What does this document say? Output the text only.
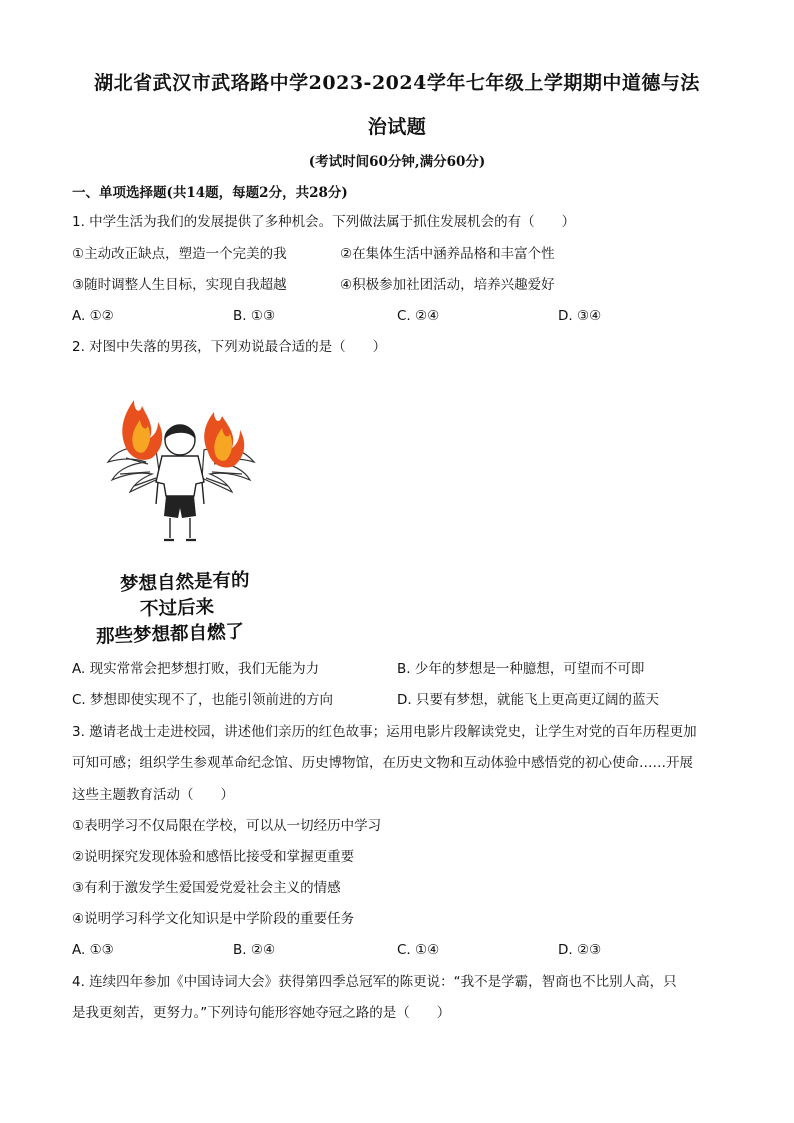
湖北省武汉市武珞路中学2023-2024学年七年级上学期期中道德与法
治试题
(考试时间60分钟,满分60分)
一、单项选择题(共14题，每题2分，共28分)
1. 中学生活为我们的发展提供了多种机会。下列做法属于抓住发展机会的有（　　）
①主动改正缺点，塑造一个完美的我	②在集体生活中涵养品格和丰富个性
③随时调整人生目标，实现自我超越	④积极参加社团活动，培养兴趣爱好
A. ①②	B. ①③	C. ②④	D. ③④
2. 对图中失落的男孩，下列劝说最合适的是（　　）
梦想自然是有的
不过后来
那些梦想都自燃了
A. 现实常常会把梦想打败，我们无能为力	B. 少年的梦想是一种臆想，可望而不可即
C. 梦想即使实现不了，也能引领前进的方向	D. 只要有梦想，就能飞上更高更辽阔的蓝天
3. 邀请老战士走进校园，讲述他们亲历的红色故事；运用电影片段解读党史，让学生对党的百年历程更加
可知可感；组织学生参观革命纪念馆、历史博物馆，在历史文物和互动体验中感悟党的初心使命……开展
这些主题教育活动（　　）
①表明学习不仅局限在学校，可以从一切经历中学习
②说明探究发现体验和感悟比接受和掌握更重要
③有利于激发学生爱国爱党爱社会主义的情感
④说明学习科学文化知识是中学阶段的重要任务
A. ①③	B. ②④	C. ①④	D. ②③
4. 连续四年参加《中国诗词大会》获得第四季总冠军的陈更说：“我不是学霸，智商也不比别人高，只
是我更刻苦，更努力。”下列诗句能形容她夺冠之路的是（　　）
